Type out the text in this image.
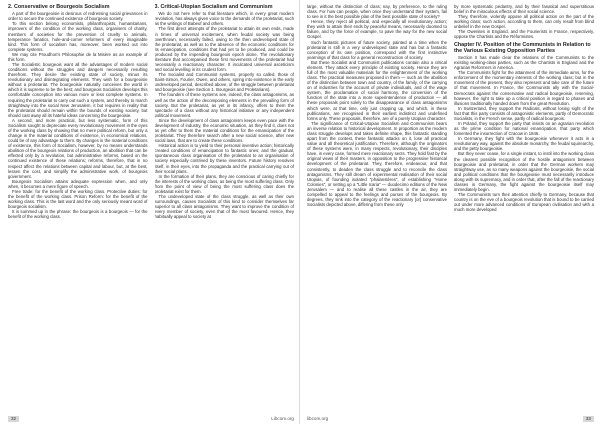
2. Conservative or Bourgeois Socialism

A part of the bourgeoisie is desirous of redressing social grievances in order to secure the continued existence of bourgeois society.

To this section belong economists, philanthropists, humanitarians, improvers of the condition of the working class, organisers of charity, members of societies for the prevention of cruelty to animals, temperance fanatics, hole-and-corner reformers of every imaginable kind. This form of socialism has, moreover, been worked out into complete systems.

We may cite Proudhon's Philosophie de la Misère as an example of this form.

The Socialistic bourgeois want all the advantages of modern social conditions without the struggles and dangers necessarily resulting therefrom. They desire the existing state of society, minus its revolutionary and disintegrating elements. They wish for a bourgeoisie without a proletariat. The bourgeoisie naturally conceives the world in which it is supreme to be the best; and bourgeois Socialism develops this comfortable conception into various more or less complete systems. In requiring the proletariat to carry out such a system, and thereby to march straightway into the social New Jerusalem, it but requires in reality that the proletariat should remain within the bounds of existing society, but should cast away all its hateful ideas concerning the bourgeoisie.

A second, and more practical, but less systematic, form of this Socialism sought to depreciate every revolutionary movement in the eyes of the working class by showing that no mere political reform, but only a change in the material conditions of existence, in economical relations, could be of any advantage to them. By changes in the material conditions of existence, this form of Socialism, however, by no means understands abolition of the bourgeois relations of production, an abolition that can be effected only by a revolution, but administrative reforms, based on the continued existence of these relations; reforms, therefore, that in no respect affect the relations between capital and labour, but, at the best, lessen the cost, and simplify the administrative work, of bourgeois government.

Bourgeois Socialism attains adequate expression when, and only when, it becomes a mere figure of speech.

Free trade: for the benefit of the working class. Protective duties: for the benefit of the working class. Prison Reform: for the benefit of the working class. This is the last word and the only seriously meant word of bourgeois socialism.

It is summed up in the phrase: the bourgeois is a bourgeois — for the benefit of the working class.

3. Critical-Utopian Socialism and Communism

We do not here refer to that literature which, in every great modern revolution, has always given voice to the demands of the proletariat, such as the writings of Babeuf and others.

The first direct attempts of the proletariat to attain its own ends, made in times of universal excitement, when feudal society was being overthrown, necessarily failed, owing to the then undeveloped state of the proletariat, as well as to the absence of the economic conditions for its emancipation, conditions that had yet to be produced, and could be produced by the impending bourgeois epoch alone. The revolutionary literature that accompanied these first movements of the proletariat had necessarily a reactionary character. It inculcated universal asceticism and social levelling in its crudest form.

The Socialist and Communist systems, properly so called, those of Saint-Simon, Fourier, Owen, and others, spring into existence in the early undeveloped period, described above, of the struggle between proletariat and bourgeoisie (see Section 1. Bourgeois and Proletarians).

The founders of these systems see, indeed, the class antagonisms, as well as the action of the decomposing elements in the prevailing form of society. But the proletariat, as yet in its infancy, offers to them the spectacle of a class without any historical initiative or any independent political movement.

Since the development of class antagonism keeps even pace with the development of industry, the economic situation, as they find it, does not as yet offer to them the material conditions for the emancipation of the proletariat. They therefore search after a new social science, after new social laws, that are to create these conditions.

Historical action is to yield to their personal inventive action; historically created conditions of emancipation to fantastic ones; and the gradual, spontaneous class organisation of the proletariat to an organisation of society especially contrived by these inventors. Future history resolves itself, in their eyes, into the propaganda and the practical carrying out of their social plans.

In the formation of their plans, they are conscious of caring chiefly for the interests of the working class, as being the most suffering class. Only from the point of view of being the most suffering class does the proletariat exist for them.

The undeveloped state of the class struggle, as well as their own surroundings, causes Socialists of this kind to consider themselves far superior to all class antagonisms. They want to improve the condition of every member of society, even that of the most favoured. Hence, they habitually appeal to society at

32	Libcom.org

large, without the distinction of class; nay, by preference, to the ruling class. For how can people, when once they understand their system, fail to see in it the best possible plan of the best possible state of society?

Hence, they reject all political, and especially all revolutionary action; they wish to attain their ends by peaceful means, necessarily doomed to failure, and by the force of example, to pave the way for the new social Gospel.

Such fantastic pictures of future society, painted at a time when the proletariat is still in a very undeveloped state and has but a fantastic conception of its own position, correspond with the first instinctive yearnings of that class for a general reconstruction of society.

But these Socialist and Communist publications contain also a critical element. They attack every principle of existing society. Hence they are full of the most valuable materials for the enlightenment of the working class. The practical measures proposed in them — such as the abolition of the distinction between town and country, of the family, of the carrying on of industries for the account of private individuals, and of the wage system, the proclamation of social harmony, the conversion of the function of the state into a more superintendence of production — all these proposals point solely to the disappearance of class antagonisms which were, at that time, only just cropping up, and which, in these publications, are recognised in their earliest indistinct and undefined forms only. These proposals, therefore, are of a purely Utopian character.

The significance of Critical-Utopian Socialism and Communism bears an inverse relation to historical development. In proportion as the modern class struggle develops and takes definite shape, this fantastic standing apart from the contest, these fantastic attacks on it, lose all practical value and all theoretical justification. Therefore, although the originators of these systems were, in many respects, revolutionary, their disciples have, in every case, formed mere reactionary sects. They hold fast by the original views of their masters, in opposition to the progressive historical development of the proletariat. They, therefore, endeavour, and that consistently, to deaden the class struggle and to reconcile the class antagonisms. They still dream of experimental realisation of their social Utopias, of founding isolated "phalanstères", of establishing "Home Colonies", or setting up a "Little Icaria" — duodecimo editions of the New Jerusalem — and to realise all these castles in the air, they are compelled to appeal to the feelings and purses of the bourgeois. By degrees, they sink into the category of the reactionary [or] conservative Socialists depicted above, differing from these only

by more systematic pedantry, and by their fanatical and superstitious belief in the miraculous effects of their social science.

They, therefore, violently oppose all political action on the part of the working class; such action, according to them, can only result from blind unbelief in the new Gospel.

The Owenites in England, and the Fourierists in France, respectively, oppose the Chartists and the Réformistes.

Chapter IV. Position of the Communists in Relation to the Various Existing Opposition Parties

Section II has made clear the relations of the Communists to the existing working-class parties, such as the Chartists in England and the Agrarian Reformers in America.

The Communists fight for the attainment of the immediate aims, for the enforcement of the momentary interests of the working class; but in the movement of the present, they also represent and take care of the future of that movement. In France, the Communists ally with the Social-Democrats against the conservative and radical bourgeoisie, reserving, however, the right to take up a critical position in regard to phases and illusions traditionally handed down from the great Revolution.

In Switzerland, they support the Radicals, without losing sight of the fact that this party consists of antagonistic elements, partly of Democratic Socialists, in the French sense, partly of radical bourgeois.

In Poland, they support the party that insists on an agrarian revolution as the prime condition for national emancipation, that party which fomented the insurrection of Cracow in 1846.

In Germany, they fight with the bourgeoisie whenever it acts in a revolutionary way, against the absolute monarchy, the feudal squirearchy, and the petty bourgeoisie.

But they never cease, for a single instant, to instil into the working class the clearest possible recognition of the hostile antagonism between bourgeoisie and proletariat, in order that the German workers may straightway use, as so many weapons against the bourgeoisie, the social and political conditions that the bourgeoisie must necessarily introduce along with its supremacy, and in order that, after the fall of the reactionary classes in Germany, the fight against the bourgeoisie itself may immediately begin.

The Communists turn their attention chiefly to Germany, because that country is on the eve of a bourgeois revolution that is bound to be carried out under more advanced conditions of European civilisation and with a much more developed

libcom.org	33
